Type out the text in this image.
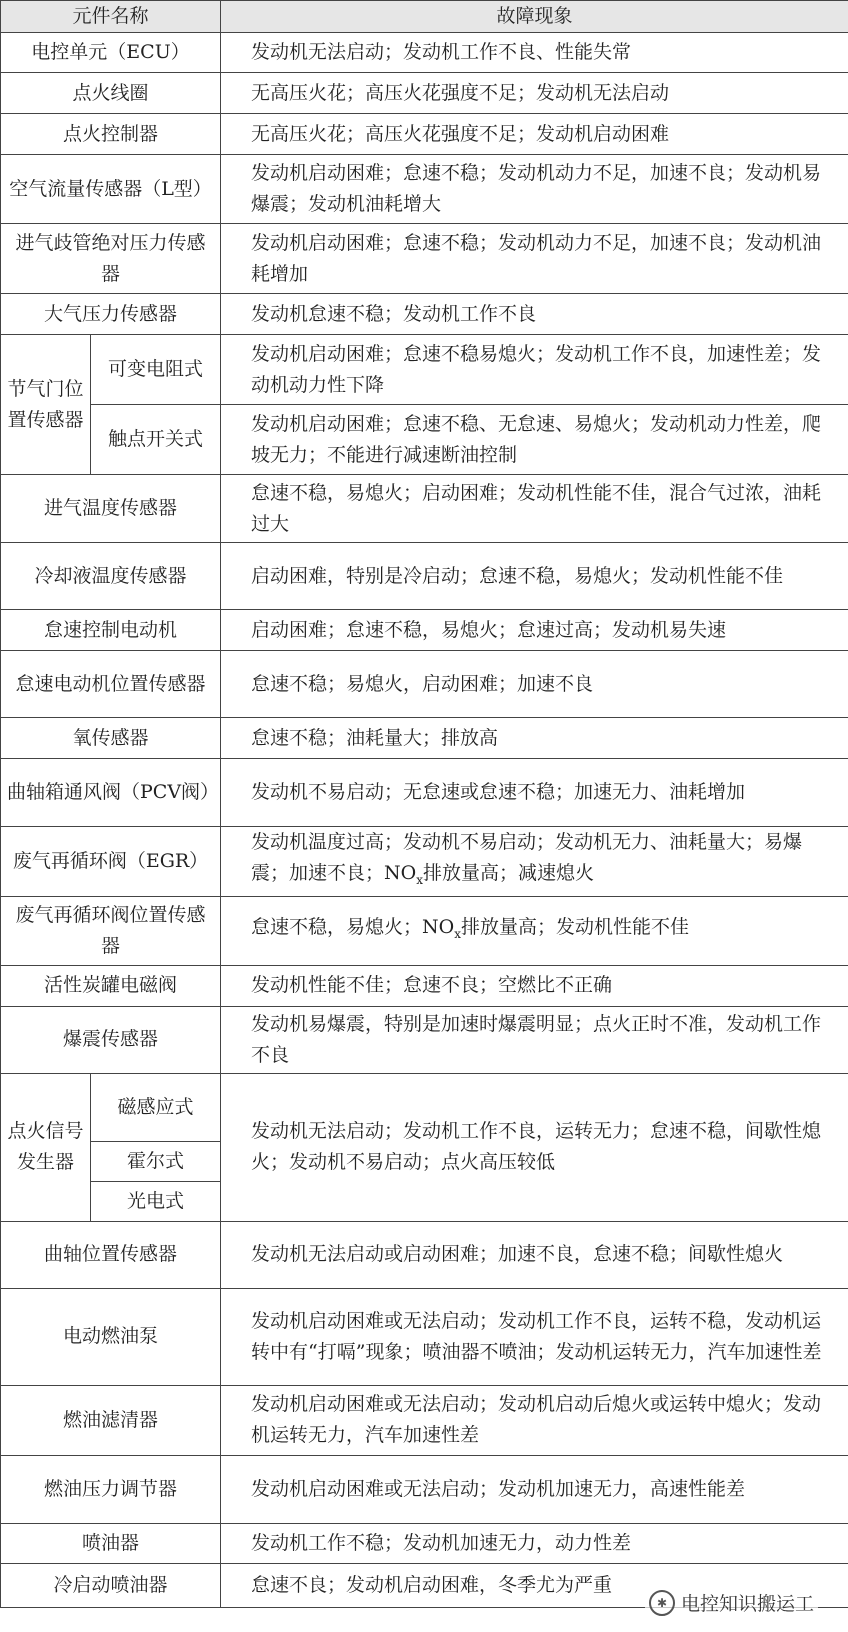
元件名称		故障现象
电控单元（ECU）		发动机无法启动；发动机工作不良、性能失常
点火线圈		无高压火花；高压火花强度不足；发动机无法启动
点火控制器		无高压火花；高压火花强度不足；发动机启动困难
空气流量传感器（L型）		发动机启动困难；怠速不稳；发动机动力不足，加速不良；发动机易爆震；发动机油耗增大
进气歧管绝对压力传感器		发动机启动困难；怠速不稳；发动机动力不足，加速不良；发动机油耗增加
大气压力传感器		发动机怠速不稳；发动机工作不良
节气门位置传感器	可变电阻式	发动机启动困难；怠速不稳易熄火；发动机工作不良，加速性差；发动机动力性下降
	触点开关式	发动机启动困难；怠速不稳、无怠速、易熄火；发动机动力性差，爬坡无力；不能进行减速断油控制
进气温度传感器		怠速不稳，易熄火；启动困难；发动机性能不佳，混合气过浓，油耗过大
冷却液温度传感器		启动困难，特别是冷启动；怠速不稳，易熄火；发动机性能不佳
怠速控制电动机		启动困难；怠速不稳，易熄火；怠速过高；发动机易失速
怠速电动机位置传感器		怠速不稳；易熄火，启动困难；加速不良
氧传感器		怠速不稳；油耗量大；排放高
曲轴箱通风阀（PCV阀）		发动机不易启动；无怠速或怠速不稳；加速无力、油耗增加
废气再循环阀（EGR）		发动机温度过高；发动机不易启动；发动机无力、油耗量大；易爆震；加速不良；$NO_x$排放量高；减速熄火
废气再循环阀位置传感器		怠速不稳，易熄火；$NO_x$排放量高；发动机性能不佳
活性炭罐电磁阀		发动机性能不佳；怠速不良；空燃比不正确
爆震传感器		发动机易爆震，特别是加速时爆震明显；点火正时不准，发动机工作不良
点火信号发生器	磁感应式	发动机无法启动；发动机工作不良，运转无力；怠速不稳，间歇性熄火；发动机不易启动；点火高压较低
	霍尔式	
	光电式	
曲轴位置传感器		发动机无法启动或启动困难；加速不良，怠速不稳；间歇性熄火
电动燃油泵		发动机启动困难或无法启动；发动机工作不良，运转不稳，发动机运转中有“打嗝”现象；喷油器不喷油；发动机运转无力，汽车加速性差
燃油滤清器		发动机启动困难或无法启动；发动机启动后熄火或运转中熄火；发动机运转无力，汽车加速性差
燃油压力调节器		发动机启动困难或无法启动；发动机加速无力，高速性能差
喷油器		发动机工作不稳；发动机加速无力，动力性差
冷启动喷油器		怠速不良；发动机启动困难，冬季尤为严重
✱ 电控知识搬运工
